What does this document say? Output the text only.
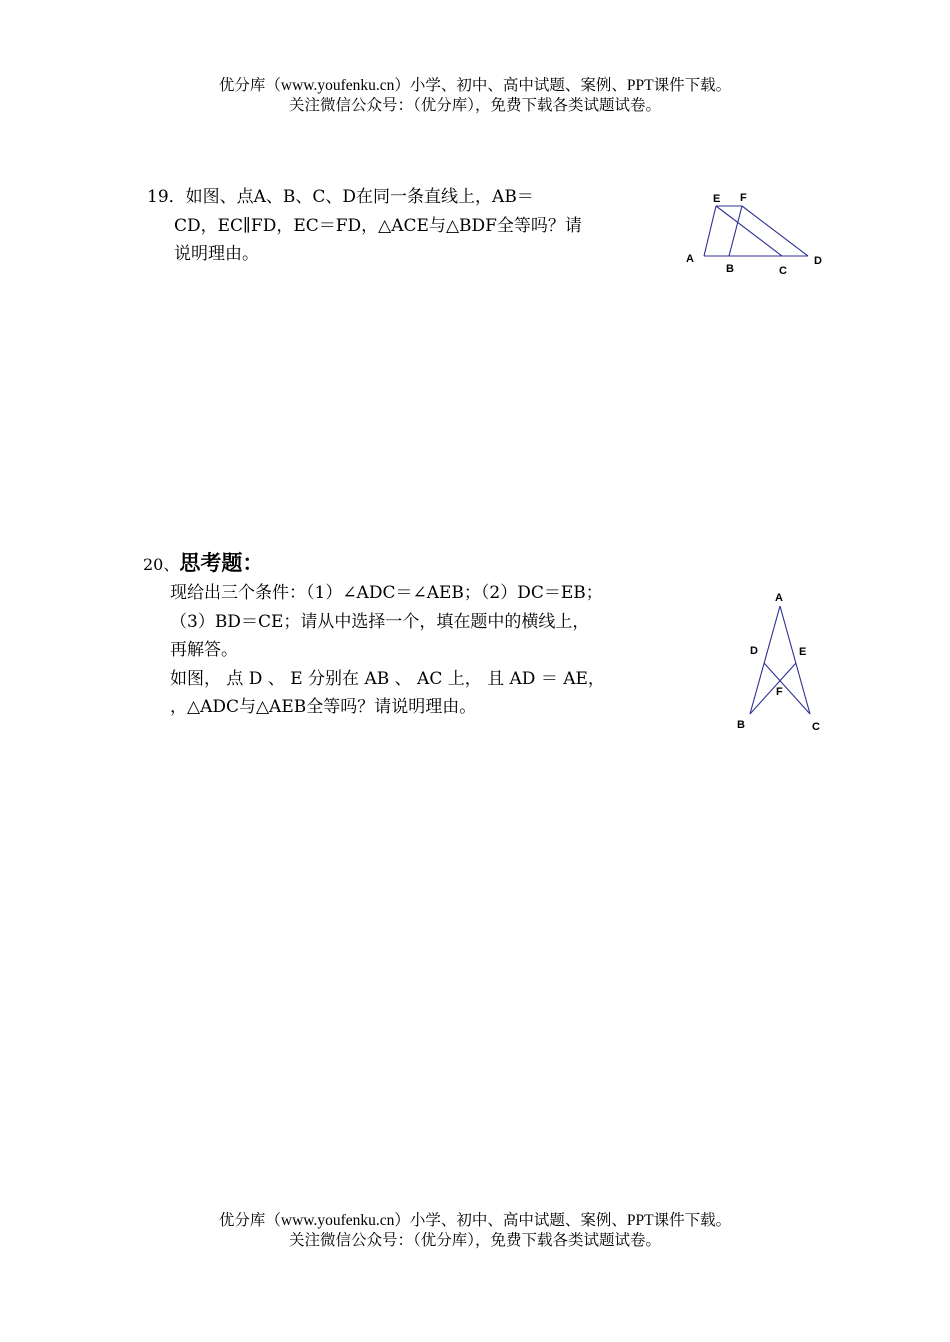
优分库（www.youfenku.cn）小学、初中、高中试题、案例、PPT课件下载。
关注微信公众号：（优分库），免费下载各类试题试卷。
19．如图、点A、B、C、D在同一条直线上，AB＝
CD，EC∥FD，EC＝FD，△ACE与△BDF全等吗？请
说明理由。
E F
A
B	C
D
20、思考题：
现给出三个条件：（1）∠ADC＝∠AEB；（2）DC＝EB；
（3）BD＝CE；请从中选择一个，填在题中的横线上，
再解答。
如图， 点 D 、 E 分别在 AB 、 AC 上， 且 AD ＝ AE，
，△ADC与△AEB全等吗？请说明理由。
A
D	E
F
B	C
优分库（www.youfenku.cn）小学、初中、高中试题、案例、PPT课件下载。
关注微信公众号：（优分库），免费下载各类试题试卷。
